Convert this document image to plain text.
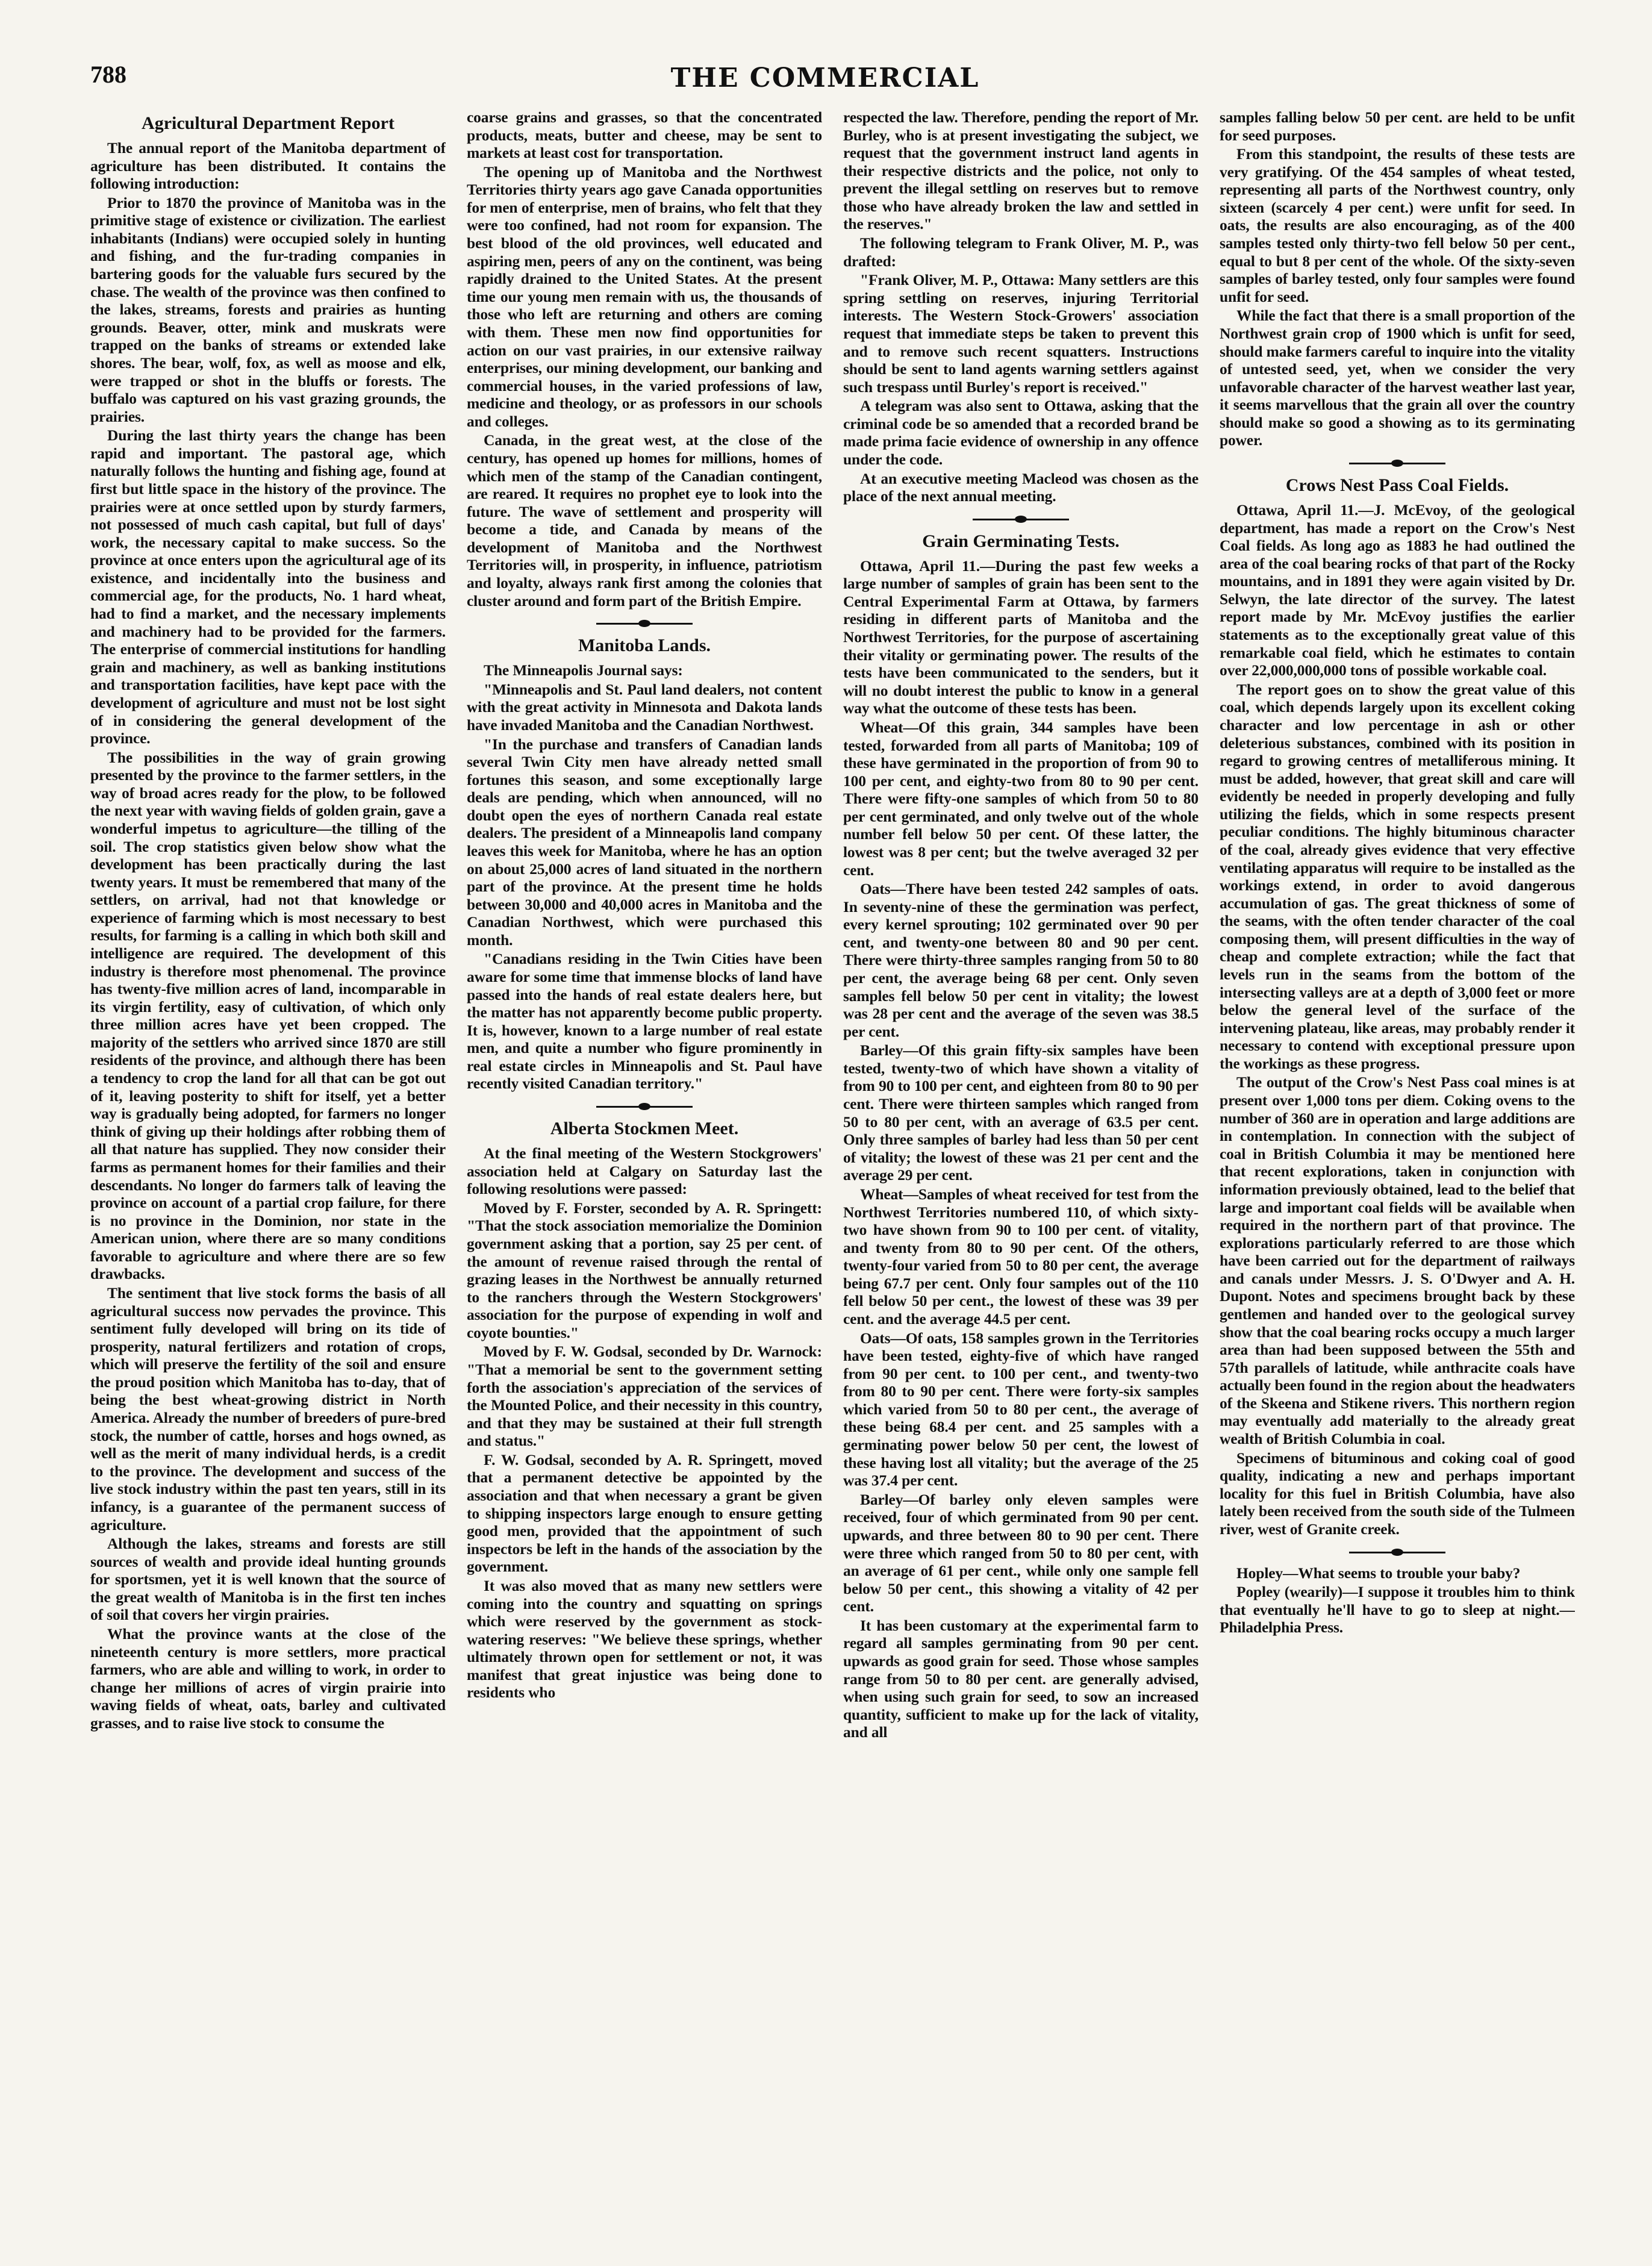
788	THE COMMERCIAL
Agricultural Department Report

The annual report of the Manitoba department of agriculture has been distributed. It contains the following introduction:

Prior to 1870 the province of Manitoba was in the primitive stage of existence or civilization. The earliest inhabitants (Indians) were occupied solely in hunting and fishing, and the fur-trading companies in bartering goods for the valuable furs secured by the chase. The wealth of the province was then confined to the lakes, streams, forests and prairies as hunting grounds. Beaver, otter, mink and muskrats were trapped on the banks of streams or extended lake shores. The bear, wolf, fox, as well as moose and elk, were trapped or shot in the bluffs or forests. The buffalo was captured on his vast grazing grounds, the prairies.

During the last thirty years the change has been rapid and important. The pastoral age, which naturally follows the hunting and fishing age, found at first but little space in the history of the province. The prairies were at once settled upon by sturdy farmers, not possessed of much cash capital, but full of days' work, the necessary capital to make success. So the province at once enters upon the agricultural age of its existence, and incidentally into the business and commercial age, for the products, No. 1 hard wheat, had to find a market, and the necessary implements and machinery had to be provided for the farmers. The enterprise of commercial institutions for handling grain and machinery, as well as banking institutions and transportation facilities, have kept pace with the development of agriculture and must not be lost sight of in considering the general development of the province.

The possibilities in the way of grain growing presented by the province to the farmer settlers, in the way of broad acres ready for the plow, to be followed the next year with waving fields of golden grain, gave a wonderful impetus to agriculture—the tilling of the soil. The crop statistics given below show what the development has been practically during the last twenty years. It must be remembered that many of the settlers, on arrival, had not that knowledge or experience of farming which is most necessary to best results, for farming is a calling in which both skill and intelligence are required. The development of this industry is therefore most phenomenal. The province has twenty-five million acres of land, incomparable in its virgin fertility, easy of cultivation, of which only three million acres have yet been cropped. The majority of the settlers who arrived since 1870 are still residents of the province, and although there has been a tendency to crop the land for all that can be got out of it, leaving posterity to shift for itself, yet a better way is gradually being adopted, for farmers no longer think of giving up their holdings after robbing them of all that nature has supplied. They now consider their farms as permanent homes for their families and their descendants. No longer do farmers talk of leaving the province on account of a partial crop failure, for there is no province in the Dominion, nor state in the American union, where there are so many conditions favorable to agriculture and where there are so few drawbacks.

The sentiment that live stock forms the basis of all agricultural success now pervades the province. This sentiment fully developed will bring on its tide of prosperity, natural fertilizers and rotation of crops, which will preserve the fertility of the soil and ensure the proud position which Manitoba has to-day, that of being the best wheat-growing district in North America. Already the number of breeders of pure-bred stock, the number of cattle, horses and hogs owned, as well as the merit of many individual herds, is a credit to the province. The development and success of the live stock industry within the past ten years, still in its infancy, is a guarantee of the permanent success of agriculture.

Although the lakes, streams and forests are still sources of wealth and provide ideal hunting grounds for sportsmen, yet it is well known that the source of the great wealth of Manitoba is in the first ten inches of soil that covers her virgin prairies.

What the province wants at the close of the nineteenth century is more settlers, more practical farmers, who are able and willing to work, in order to change her millions of acres of virgin prairie into waving fields of wheat, oats, barley and cultivated grasses, and to raise live stock to consume the

coarse grains and grasses, so that the concentrated products, meats, butter and cheese, may be sent to markets at least cost for transportation.

The opening up of Manitoba and the Northwest Territories thirty years ago gave Canada opportunities for men of enterprise, men of brains, who felt that they were too confined, had not room for expansion. The best blood of the old provinces, well educated and aspiring men, peers of any on the continent, was being rapidly drained to the United States. At the present time our young men remain with us, the thousands of those who left are returning and others are coming with them. These men now find opportunities for action on our vast prairies, in our extensive railway enterprises, our mining development, our banking and commercial houses, in the varied professions of law, medicine and theology, or as professors in our schools and colleges.

Canada, in the great west, at the close of the century, has opened up homes for millions, homes of which men of the stamp of the Canadian contingent, are reared. It requires no prophet eye to look into the future. The wave of settlement and prosperity will become a tide, and Canada by means of the development of Manitoba and the Northwest Territories will, in prosperity, in influence, patriotism and loyalty, always rank first among the colonies that cluster around and form part of the British Empire.

Manitoba Lands.

The Minneapolis Journal says:

"Minneapolis and St. Paul land dealers, not content with the great activity in Minnesota and Dakota lands have invaded Manitoba and the Canadian Northwest.

"In the purchase and transfers of Canadian lands several Twin City men have already netted small fortunes this season, and some exceptionally large deals are pending, which when announced, will no doubt open the eyes of northern Canada real estate dealers. The president of a Minneapolis land company leaves this week for Manitoba, where he has an option on about 25,000 acres of land situated in the northern part of the province. At the present time he holds between 30,000 and 40,000 acres in Manitoba and the Canadian Northwest, which were purchased this month.

"Canadians residing in the Twin Cities have been aware for some time that immense blocks of land have passed into the hands of real estate dealers here, but the matter has not apparently become public property. It is, however, known to a large number of real estate men, and quite a number who figure prominently in real estate circles in Minneapolis and St. Paul have recently visited Canadian territory."

Alberta Stockmen Meet.

At the final meeting of the Western Stockgrowers' association held at Calgary on Saturday last the following resolutions were passed:

Moved by F. Forster, seconded by A. R. Springett: "That the stock association memorialize the Dominion government asking that a portion, say 25 per cent. of the amount of revenue raised through the rental of grazing leases in the Northwest be annually returned to the ranchers through the Western Stockgrowers' association for the purpose of expending in wolf and coyote bounties."

Moved by F. W. Godsal, seconded by Dr. Warnock: "That a memorial be sent to the government setting forth the association's appreciation of the services of the Mounted Police, and their necessity in this country, and that they may be sustained at their full strength and status."

F. W. Godsal, seconded by A. R. Springett, moved that a permanent detective be appointed by the association and that when necessary a grant be given to shipping inspectors large enough to ensure getting good men, provided that the appointment of such inspectors be left in the hands of the association by the government.

It was also moved that as many new settlers were coming into the country and squatting on springs which were reserved by the government as stock-watering reserves: "We believe these springs, whether ultimately thrown open for settlement or not, it was manifest that great injustice was being done to residents who

respected the law. Therefore, pending the report of Mr. Burley, who is at present investigating the subject, we request that the government instruct land agents in their respective districts and the police, not only to prevent the illegal settling on reserves but to remove those who have already broken the law and settled in the reserves."

The following telegram to Frank Oliver, M. P., was drafted:

"Frank Oliver, M. P., Ottawa: Many settlers are this spring settling on reserves, injuring Territorial interests. The Western Stock-Growers' association request that immediate steps be taken to prevent this and to remove such recent squatters. Instructions should be sent to land agents warning settlers against such trespass until Burley's report is received."

A telegram was also sent to Ottawa, asking that the criminal code be so amended that a recorded brand be made prima facie evidence of ownership in any offence under the code.

At an executive meeting Macleod was chosen as the place of the next annual meeting.

Grain Germinating Tests.

Ottawa, April 11.—During the past few weeks a large number of samples of grain has been sent to the Central Experimental Farm at Ottawa, by farmers residing in different parts of Manitoba and the Northwest Territories, for the purpose of ascertaining their vitality or germinating power. The results of the tests have been communicated to the senders, but it will no doubt interest the public to know in a general way what the outcome of these tests has been.

Wheat—Of this grain, 344 samples have been tested, forwarded from all parts of Manitoba; 109 of these have germinated in the proportion of from 90 to 100 per cent, and eighty-two from 80 to 90 per cent. There were fifty-one samples of which from 50 to 80 per cent germinated, and only twelve out of the whole number fell below 50 per cent. Of these latter, the lowest was 8 per cent; but the twelve averaged 32 per cent.

Oats—There have been tested 242 samples of oats. In seventy-nine of these the germination was perfect, every kernel sprouting; 102 germinated over 90 per cent, and twenty-one between 80 and 90 per cent. There were thirty-three samples ranging from 50 to 80 per cent, the average being 68 per cent. Only seven samples fell below 50 per cent in vitality; the lowest was 28 per cent and the average of the seven was 38.5 per cent.

Barley—Of this grain fifty-six samples have been tested, twenty-two of which have shown a vitality of from 90 to 100 per cent, and eighteen from 80 to 90 per cent. There were thirteen samples which ranged from 50 to 80 per cent, with an average of 63.5 per cent. Only three samples of barley had less than 50 per cent of vitality; the lowest of these was 21 per cent and the average 29 per cent.

Wheat—Samples of wheat received for test from the Northwest Territories numbered 110, of which sixty-two have shown from 90 to 100 per cent. of vitality, and twenty from 80 to 90 per cent. Of the others, twenty-four varied from 50 to 80 per cent, the average being 67.7 per cent. Only four samples out of the 110 fell below 50 per cent., the lowest of these was 39 per cent. and the average 44.5 per cent.

Oats—Of oats, 158 samples grown in the Territories have been tested, eighty-five of which have ranged from 90 per cent. to 100 per cent., and twenty-two from 80 to 90 per cent. There were forty-six samples which varied from 50 to 80 per cent., the average of these being 68.4 per cent. and 25 samples with a germinating power below 50 per cent, the lowest of these having lost all vitality; but the average of the 25 was 37.4 per cent.

Barley—Of barley only eleven samples were received, four of which germinated from 90 per cent. upwards, and three between 80 to 90 per cent. There were three which ranged from 50 to 80 per cent, with an average of 61 per cent., while only one sample fell below 50 per cent., this showing a vitality of 42 per cent.

It has been customary at the experimental farm to regard all samples germinating from 90 per cent. upwards as good grain for seed. Those whose samples range from 50 to 80 per cent. are generally advised, when using such grain for seed, to sow an increased quantity, sufficient to make up for the lack of vitality, and all

samples falling below 50 per cent. are held to be unfit for seed purposes.

From this standpoint, the results of these tests are very gratifying. Of the 454 samples of wheat tested, representing all parts of the Northwest country, only sixteen (scarcely 4 per cent.) were unfit for seed. In oats, the results are also encouraging, as of the 400 samples tested only thirty-two fell below 50 per cent., equal to but 8 per cent of the whole. Of the sixty-seven samples of barley tested, only four samples were found unfit for seed.

While the fact that there is a small proportion of the Northwest grain crop of 1900 which is unfit for seed, should make farmers careful to inquire into the vitality of untested seed, yet, when we consider the very unfavorable character of the harvest weather last year, it seems marvellous that the grain all over the country should make so good a showing as to its germinating power.

Crows Nest Pass Coal Fields.

Ottawa, April 11.—J. McEvoy, of the geological department, has made a report on the Crow's Nest Coal fields. As long ago as 1883 he had outlined the area of the coal bearing rocks of that part of the Rocky mountains, and in 1891 they were again visited by Dr. Selwyn, the late director of the survey. The latest report made by Mr. McEvoy justifies the earlier statements as to the exceptionally great value of this remarkable coal field, which he estimates to contain over 22,000,000,000 tons of possible workable coal.

The report goes on to show the great value of this coal, which depends largely upon its excellent coking character and low percentage in ash or other deleterious substances, combined with its position in regard to growing centres of metalliferous mining. It must be added, however, that great skill and care will evidently be needed in properly developing and fully utilizing the fields, which in some respects present peculiar conditions. The highly bituminous character of the coal, already gives evidence that very effective ventilating apparatus will require to be installed as the workings extend, in order to avoid dangerous accumulation of gas. The great thickness of some of the seams, with the often tender character of the coal composing them, will present difficulties in the way of cheap and complete extraction; while the fact that levels run in the seams from the bottom of the intersecting valleys are at a depth of 3,000 feet or more below the general level of the surface of the intervening plateau, like areas, may probably render it necessary to contend with exceptional pressure upon the workings as these progress.

The output of the Crow's Nest Pass coal mines is at present over 1,000 tons per diem. Coking ovens to the number of 360 are in operation and large additions are in contemplation. In connection with the subject of coal in British Columbia it may be mentioned here that recent explorations, taken in conjunction with information previously obtained, lead to the belief that large and important coal fields will be available when required in the northern part of that province. The explorations particularly referred to are those which have been carried out for the department of railways and canals under Messrs. J. S. O'Dwyer and A. H. Dupont. Notes and specimens brought back by these gentlemen and handed over to the geological survey show that the coal bearing rocks occupy a much larger area than had been supposed between the 55th and 57th parallels of latitude, while anthracite coals have actually been found in the region about the headwaters of the Skeena and Stikene rivers. This northern region may eventually add materially to the already great wealth of British Columbia in coal.

Specimens of bituminous and coking coal of good quality, indicating a new and perhaps important locality for this fuel in British Columbia, have also lately been received from the south side of the Tulmeen river, west of Granite creek.

Hopley—What seems to trouble your baby?

Popley (wearily)—I suppose it troubles him to think that eventually he'll have to go to sleep at night.—Philadelphia Press.
